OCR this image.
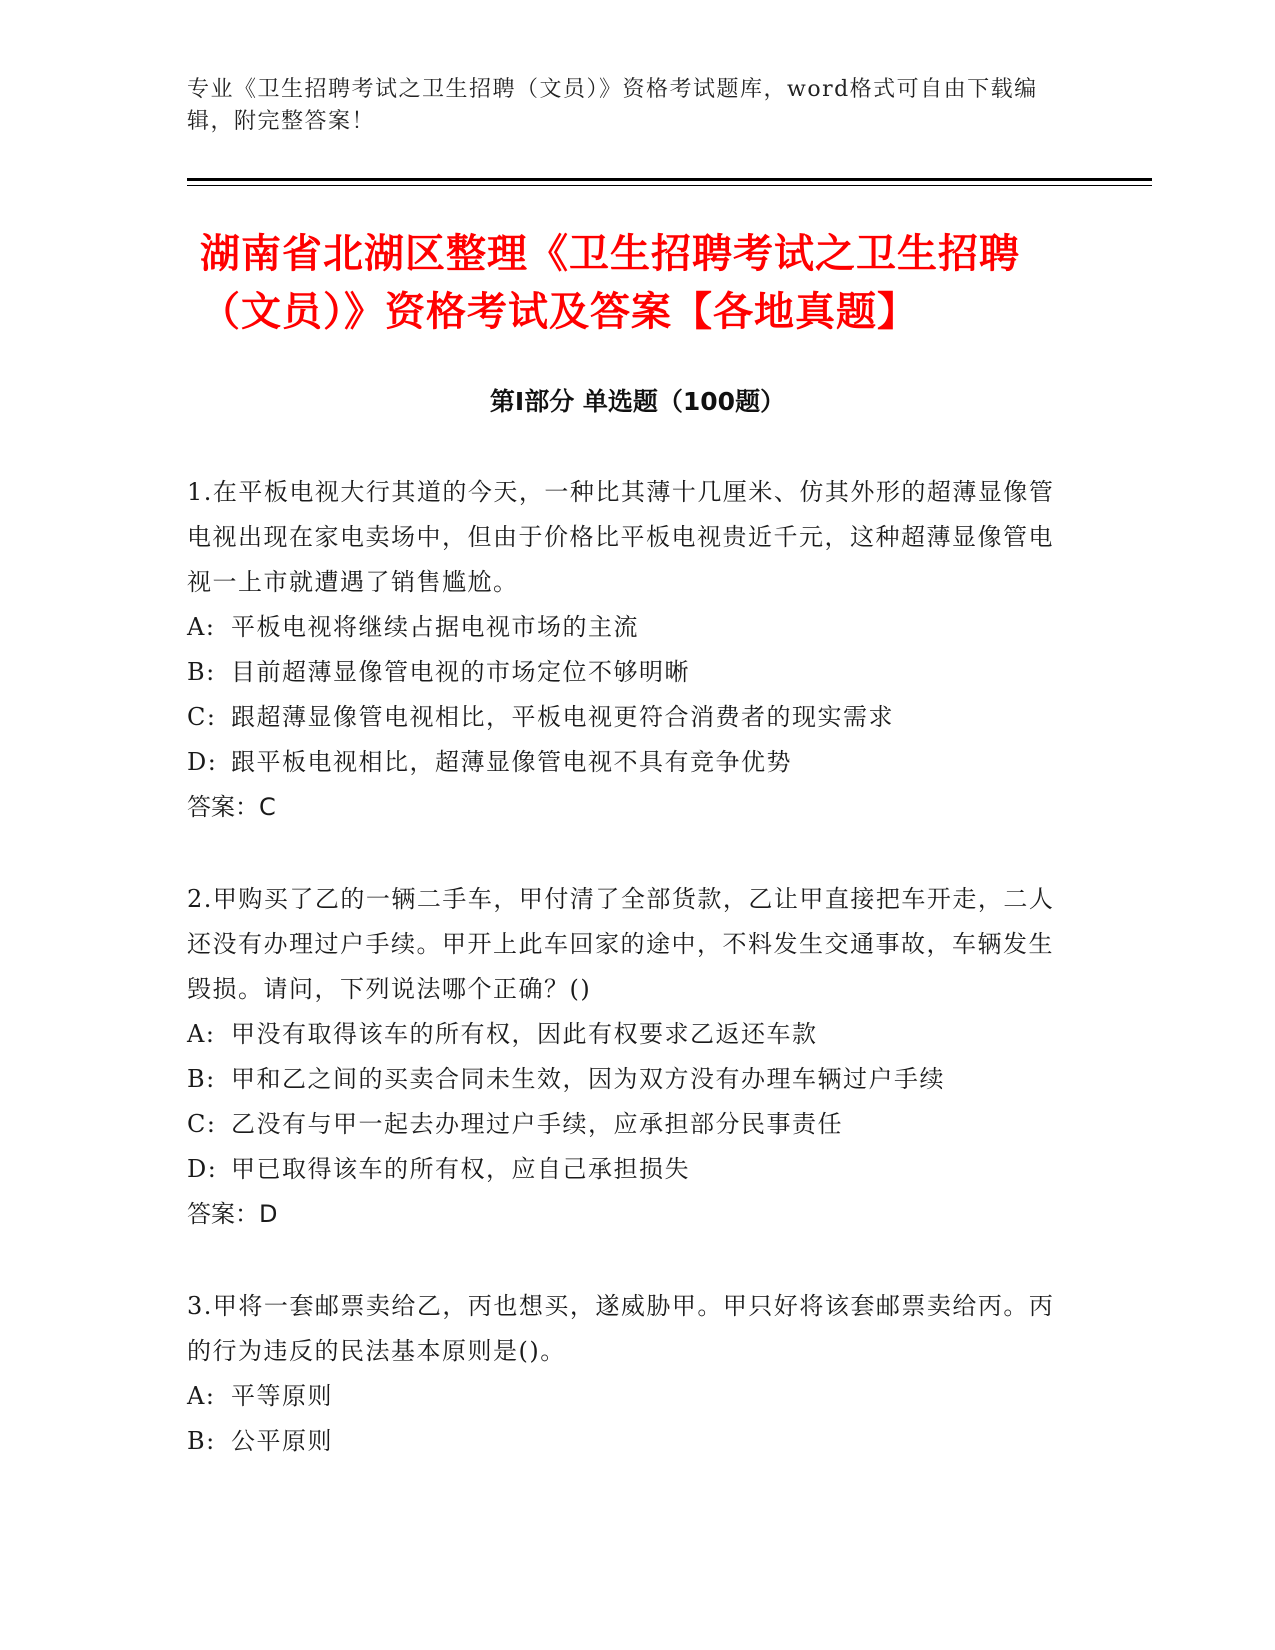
专业《卫生招聘考试之卫生招聘（文员）》资格考试题库，word格式可自由下载编辑，附完整答案！
湖南省北湖区整理《卫生招聘考试之卫生招聘（文员）》资格考试及答案【各地真题】
第Ⅰ部分 单选题（100题）

1.在平板电视大行其道的今天，一种比其薄十几厘米、仿其外形的超薄显像管电视出现在家电卖场中，但由于价格比平板电视贵近千元，这种超薄显像管电视一上市就遭遇了销售尴尬。

A: 平板电视将继续占据电视市场的主流

B: 目前超薄显像管电视的市场定位不够明晰

C: 跟超薄显像管电视相比，平板电视更符合消费者的现实需求

D: 跟平板电视相比，超薄显像管电视不具有竞争优势

答案：C

2.甲购买了乙的一辆二手车，甲付清了全部货款，乙让甲直接把车开走，二人还没有办理过户手续。甲开上此车回家的途中，不料发生交通事故，车辆发生毁损。请问，下列说法哪个正确？()

A: 甲没有取得该车的所有权，因此有权要求乙返还车款

B: 甲和乙之间的买卖合同未生效，因为双方没有办理车辆过户手续

C: 乙没有与甲一起去办理过户手续，应承担部分民事责任

D: 甲已取得该车的所有权，应自己承担损失

答案：D

3.甲将一套邮票卖给乙，丙也想买，遂威胁甲。甲只好将该套邮票卖给丙。丙的行为违反的民法基本原则是()。

A: 平等原则

B: 公平原则
